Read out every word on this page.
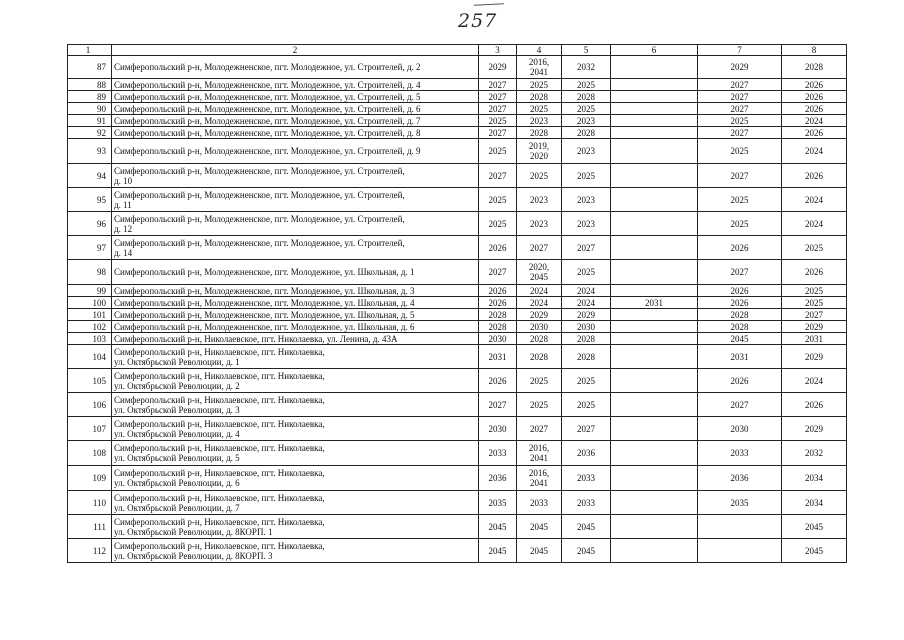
257
1	2	3	4	5	6	7	8
87	Симферопольский р-н, Молодежненское, пгт. Молодежное, ул. Строителей, д. 2	2029	2016,
2041	2032		2029	2028
88	Симферопольский р-н, Молодежненское, пгт. Молодежное, ул. Строителей, д. 4	2027	2025	2025		2027	2026
89	Симферопольский р-н, Молодежненское, пгт. Молодежное, ул. Строителей, д. 5	2027	2028	2028		2027	2026
90	Симферопольский р-н, Молодежненское, пгт. Молодежное, ул. Строителей, д. 6	2027	2025	2025		2027	2026
91	Симферопольский р-н, Молодежненское, пгт. Молодежное, ул. Строителей, д. 7	2025	2023	2023		2025	2024
92	Симферопольский р-н, Молодежненское, пгт. Молодежное, ул. Строителей, д. 8	2027	2028	2028		2027	2026
93	Симферопольский р-н, Молодежненское, пгт. Молодежное, ул. Строителей, д. 9	2025	2019,
2020	2023		2025	2024
94	Симферопольский р-н, Молодежненское, пгт. Молодежное, ул. Строителей,
д. 10	2027	2025	2025		2027	2026
95	Симферопольский р-н, Молодежненское, пгт. Молодежное, ул. Строителей,
д. 11	2025	2023	2023		2025	2024
96	Симферопольский р-н, Молодежненское, пгт. Молодежное, ул. Строителей,
д. 12	2025	2023	2023		2025	2024
97	Симферопольский р-н, Молодежненское, пгт. Молодежное, ул. Строителей,
д. 14	2026	2027	2027		2026	2025
98	Симферопольский р-н, Молодежненское, пгт. Молодежное, ул. Школьная, д. 1	2027	2020,
2045	2025		2027	2026
99	Симферопольский р-н, Молодежненское, пгт. Молодежное, ул. Школьная, д. 3	2026	2024	2024		2026	2025
100	Симферопольский р-н, Молодежненское, пгт. Молодежное, ул. Школьная, д. 4	2026	2024	2024	2031	2026	2025
101	Симферопольский р-н, Молодежненское, пгт. Молодежное, ул. Школьная, д. 5	2028	2029	2029		2028	2027
102	Симферопольский р-н, Молодежненское, пгт. Молодежное, ул. Школьная, д. 6	2028	2030	2030		2028	2029
103	Симферопольский р-н, Николаевское, пгт. Николаевка, ул. Ленина, д. 43А	2030	2028	2028		2045	2031
104	Симферопольский р-н, Николаевское, пгт. Николаевка,
ул. Октябрьской Революции, д. 1	2031	2028	2028		2031	2029
105	Симферопольский р-н, Николаевское, пгт. Николаевка,
ул. Октябрьской Революции, д. 2	2026	2025	2025		2026	2024
106	Симферопольский р-н, Николаевское, пгт. Николаевка,
ул. Октябрьской Революции, д. 3	2027	2025	2025		2027	2026
107	Симферопольский р-н, Николаевское, пгт. Николаевка,
ул. Октябрьской Революции, д. 4	2030	2027	2027		2030	2029
108	Симферопольский р-н, Николаевское, пгт. Николаевка,
ул. Октябрьской Революции, д. 5	2033	2016,
2041	2036		2033	2032
109	Симферопольский р-н, Николаевское, пгт. Николаевка,
ул. Октябрьской Революции, д. 6	2036	2016,
2041	2033		2036	2034
110	Симферопольский р-н, Николаевское, пгт. Николаевка,
ул. Октябрьской Революции, д. 7	2035	2033	2033		2035	2034
111	Симферопольский р-н, Николаевское, пгт. Николаевка,
ул. Октябрьской Революции, д. 8КОРП. 1	2045	2045	2045			2045
112	Симферопольский р-н, Николаевское, пгт. Николаевка,
ул. Октябрьской Революции, д. 8КОРП. 3	2045	2045	2045			2045
